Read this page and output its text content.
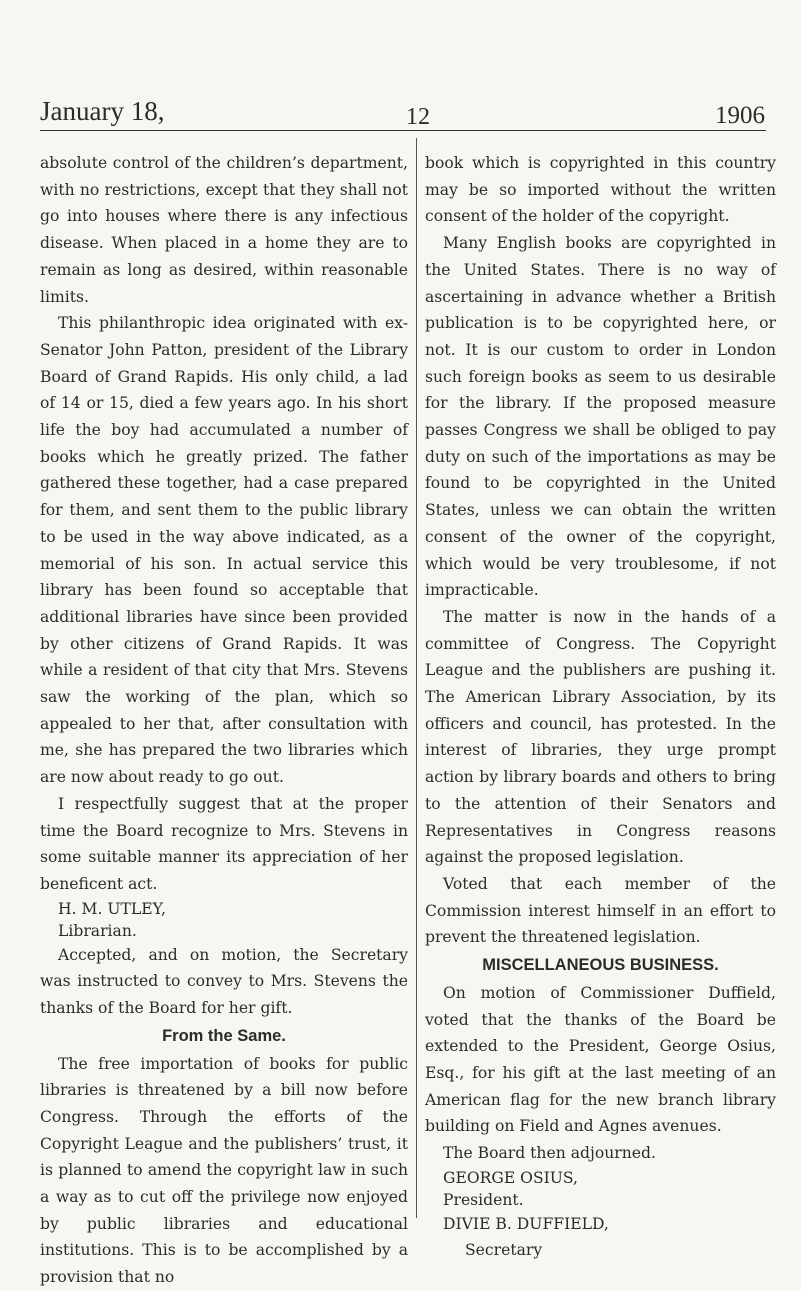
January 18,	12	1906

absolute control of the children’s department, with no restrictions, except that they shall not go into houses where there is any infectious disease. When placed in a home they are to remain as long as desired, within reasonable limits.

This philanthropic idea originated with ex-Senator John Patton, president of the Library Board of Grand Rapids. His only child, a lad of 14 or 15, died a few years ago. In his short life the boy had accumulated a number of books which he greatly prized. The father gathered these together, had a case prepared for them, and sent them to the public library to be used in the way above indicated, as a memorial of his son. In actual service this library has been found so acceptable that additional libraries have since been provided by other citizens of Grand Rapids. It was while a resident of that city that Mrs. Stevens saw the working of the plan, which so appealed to her that, after consultation with me, she has prepared the two libraries which are now about ready to go out.

I respectfully suggest that at the proper time the Board recognize to Mrs. Stevens in some suitable manner its appreciation of her beneficent act.

H. M. UTLEY,
Librarian.

Accepted, and on motion, the Secretary was instructed to convey to Mrs. Stevens the thanks of the Board for her gift.

From the Same.

The free importation of books for public libraries is threatened by a bill now before Congress. Through the efforts of the Copyright League and the publishers’ trust, it is planned to amend the copyright law in such a way as to cut off the privilege now enjoyed by public libraries and educational institutions. This is to be accomplished by a provision that no

book which is copyrighted in this country may be so imported without the written consent of the holder of the copyright.

Many English books are copyrighted in the United States. There is no way of ascertaining in advance whether a British publication is to be copyrighted here, or not. It is our custom to order in London such foreign books as seem to us desirable for the library. If the proposed measure passes Congress we shall be obliged to pay duty on such of the importations as may be found to be copyrighted in the United States, unless we can obtain the written consent of the owner of the copyright, which would be very troublesome, if not impracticable.

The matter is now in the hands of a committee of Congress. The Copyright League and the publishers are pushing it. The American Library Association, by its officers and council, has protested. In the interest of libraries, they urge prompt action by library boards and others to bring to the attention of their Senators and Representatives in Congress reasons against the proposed legislation.

Voted that each member of the Commission interest himself in an effort to prevent the threatened legislation.

MISCELLANEOUS BUSINESS.

On motion of Commissioner Duffield, voted that the thanks of the Board be extended to the President, George Osius, Esq., for his gift at the last meeting of an American flag for the new branch library building on Field and Agnes avenues.

The Board then adjourned.

GEORGE OSIUS,
President.

DIVIE B. DUFFIELD,
Secretary
